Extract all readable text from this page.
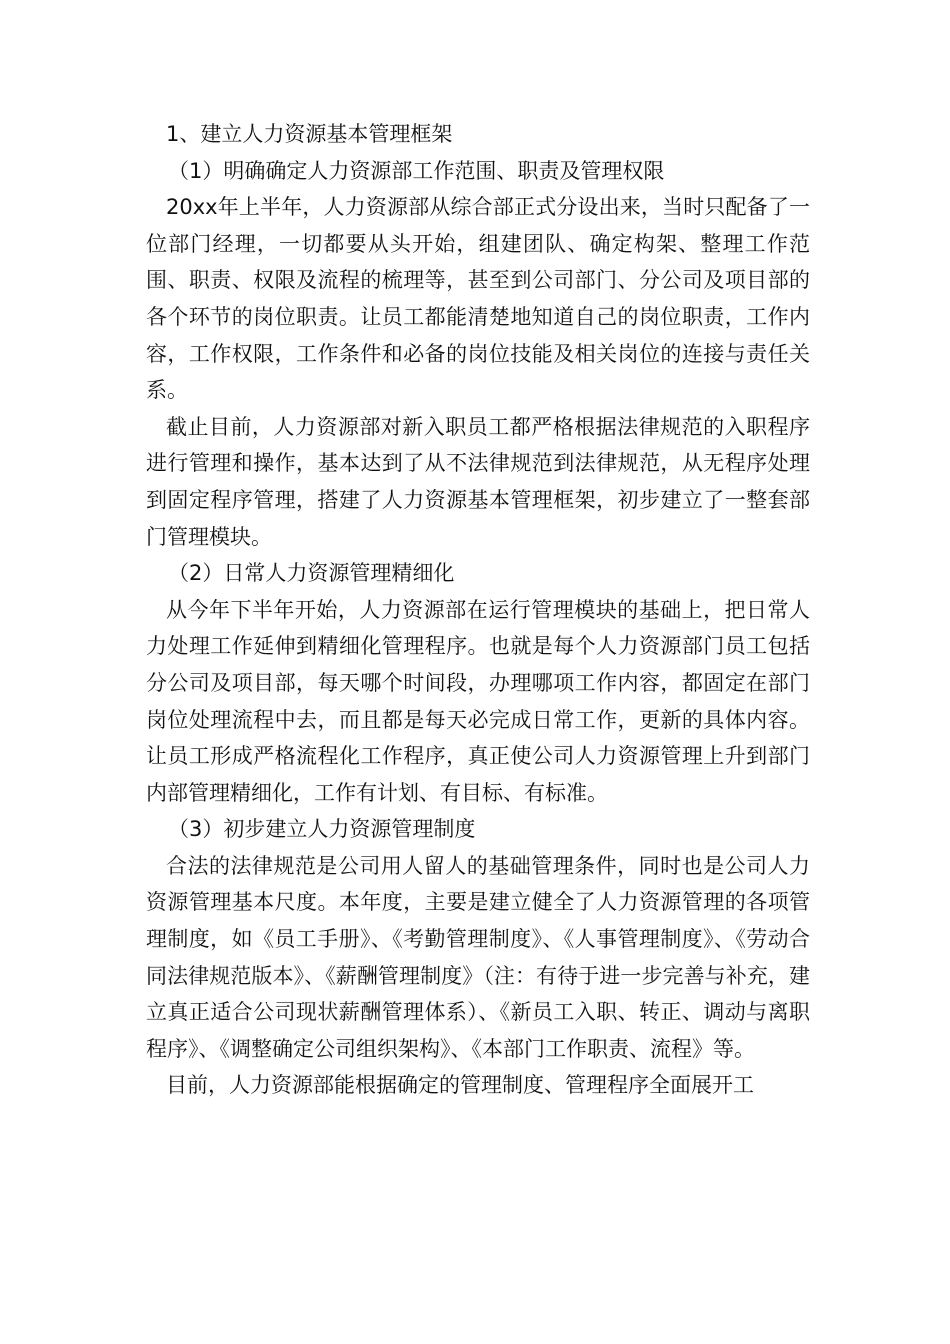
1、建立人力资源基本管理框架

（1）明确确定人力资源部工作范围、职责及管理权限

20xx年上半年，人力资源部从综合部正式分设出来，当时只配备了一位部门经理，一切都要从头开始，组建团队、确定构架、整理工作范围、职责、权限及流程的梳理等，甚至到公司部门、分公司及项目部的各个环节的岗位职责。让员工都能清楚地知道自己的岗位职责，工作内容，工作权限，工作条件和必备的岗位技能及相关岗位的连接与责任关系。

截止目前，人力资源部对新入职员工都严格根据法律规范的入职程序进行管理和操作，基本达到了从不法律规范到法律规范，从无程序处理到固定程序管理，搭建了人力资源基本管理框架，初步建立了一整套部门管理模块。

（2）日常人力资源管理精细化

从今年下半年开始，人力资源部在运行管理模块的基础上，把日常人力处理工作延伸到精细化管理程序。也就是每个人力资源部门员工包括分公司及项目部，每天哪个时间段，办理哪项工作内容，都固定在部门岗位处理流程中去，而且都是每天必完成日常工作，更新的具体内容。让员工形成严格流程化工作程序，真正使公司人力资源管理上升到部门内部管理精细化，工作有计划、有目标、有标准。

（3）初步建立人力资源管理制度

合法的法律规范是公司用人留人的基础管理条件，同时也是公司人力资源管理基本尺度。本年度，主要是建立健全了人力资源管理的各项管理制度，如《员工手册》、《考勤管理制度》、《人事管理制度》、《劳动合同法律规范版本》、《薪酬管理制度》（注：有待于进一步完善与补充，建立真正适合公司现状薪酬管理体系）、《新员工入职、转正、调动与离职程序》、《调整确定公司组织架构》、《本部门工作职责、流程》等。

目前，人力资源部能根据确定的管理制度、管理程序全面展开工
